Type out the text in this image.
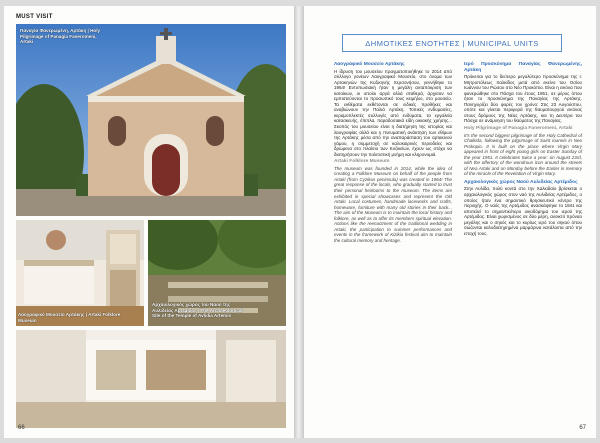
MUST VISIT
Παναγία Φανερωμένη, Αρτάκη | Holy Pilgrimage of Panagia Faneromeni, Artaki
Λαογραφικό Μουσείο Αρτάκης | Artaki Folklore Museum
Αρχαιολογικός χώρος του Ναού της Αυλιδείας Αρτέμιδος | The Archaeological Site of the Temple of Avlidia Artemis
66
ΔΗΜΟΤΙΚΕΣ ΕΝΟΤΗΤΕΣ | MUNICIPAL UNITS
Λαογραφικό Μουσείο Αρτάκης

Η ίδρυση του μουσείου πραγματοποιήθηκε το 2014 από σύλλογο γονέων Λαογραφικό Μουσείο, στο όνομα των Αρτακηνών της Κυζικηνής Χερσονήσου, γεννήθηκε το 1964! Εντυπωσιακή ήταν η μεγάλη ανταπόκριση των κατοίκων, οι οποίοι αργά αλλά σταθερά, άρχισαν να εμπιστεύονται το προσωπικό τους κειμήλιο, στο μουσείο. Τα εκθέματα εκθέτονται σε ειδικές προθήκες και αναβιώνουν την Παλιά Αρτάκη. Τοπικές ενδυμασίες, κεραμοπλεκτές συλλογές από ενδύματα, τα εργαλεία κατασκευής, έπιπλα, παραδοσιακά είδη οικιακής χρήσης... Σκοπός του μουσείου είναι η διατήρηση της ιστορίας και λαογραφίας αλλά και η πνευματική ανάκτηση των εθίμων της Αρτάκης μέσα από την αναπαράσταση του αρτακινού γάμου, η συμμετοχή σε καλοκαιρινές περιοδείες και δρώμενα στο πλαίσιο των Κυζικείων, έχουν ως στόχο να διατηρήσουν την πολιτιστική μνήμη και κληρονομιά.

Artaki Folklore Museum

The museum was founded in 2014, while the idea of creating a Folklore Museum on behalf of the people from Artaki (from Cyzikus peninsula) was created in 1964! The great response of the locals, who gradually started to trust their personal heirlooms to the museum. The items are exhibited in special showcases and represent the Old Artaki. Local costumes, handmade laceworks and crafts, homeware, furniture with many old stories in their back... The aim of the Museum is to maintain the local history and folklore, as well as to offer its members spiritual elevation. Actions like the reenactment of the traditional wedding in Artaki, the participation to summer performances and events in the framework of Kizikia festival aim to maintain the cultural memory and heritage.

Ιερό Προσκύνημα Παναγίας Φανερωμένης, Αρτάκη

Πρόκειται για το δεύτερο μεγαλύτερο προσκύνημα της Ι. Μητροπόλεως Χαλκίδος μετά από εκείνο του Οσίου Ιωάννου του Ρώσου στο Νέο Προκόπιο. Είναι η εικόνα που φανερώθηκε στο Πάσχα του έτους 1951, σε μέρος όπου ήταν το προσκύνημα της Παναγίας της Αρτάκης. Πανηγυρίζει δύο φορές τον χρόνο: Στις 23 Αυγούστου, οπότε και γίνεται περιφορά της θαυματουργού εικόνας στους δρόμους της Νέας Αρτάκης, και τη Δευτέρα του Πάσχα σε ανάμνηση του θαύματος της Παναγίας.

Holy Pilgrimage of Panagia Faneromeni, Artaki

It's the second biggest pilgrimage of the Holy Cathedral of Chalkida, following the pilgrimage of Saint Ioannis in Neo Prokopio. It is built on the place where Virgin Mary appeared in front of eight young girls on Easter Sunday of the year 1951. It celebrates twice a year: on August 23rd, with the offertory of the wondrous icon around the streets of Nea Artaki and on Monday before the Easter in memory of the miracle of the Revelation of Virgin Mary.

Αρχαιολογικός χώρος Ναού Αυλιδείας Αρτέμιδος

Στην Αυλίδα, πολύ κοντά στο την Χαλκιδαίο βρίσκεται ο αρχαιολογικός χώρος στον ναό της Αυλιδείας Αρτέμιδος, ο οποίος ήταν ένα σημαντικό θρησκευτικό κέντρο της περιοχής. Ο ναός της Αρτέμιδος ανασκάφτηκε το 1941 και αποτελεί το σημαντικότερο οικοδόμημα του ιερού της Αρτέμιδος. Είναι χωρισμένος σε δύο μέρη, ανοικτό πρόναο μεγάλης και ο σηκός και το κυρίως ιερό του σηκού όπου σώζονται καλοδιατηρημένα μαρμάρινα κατάλοιπα από την εποχή τους.

67
